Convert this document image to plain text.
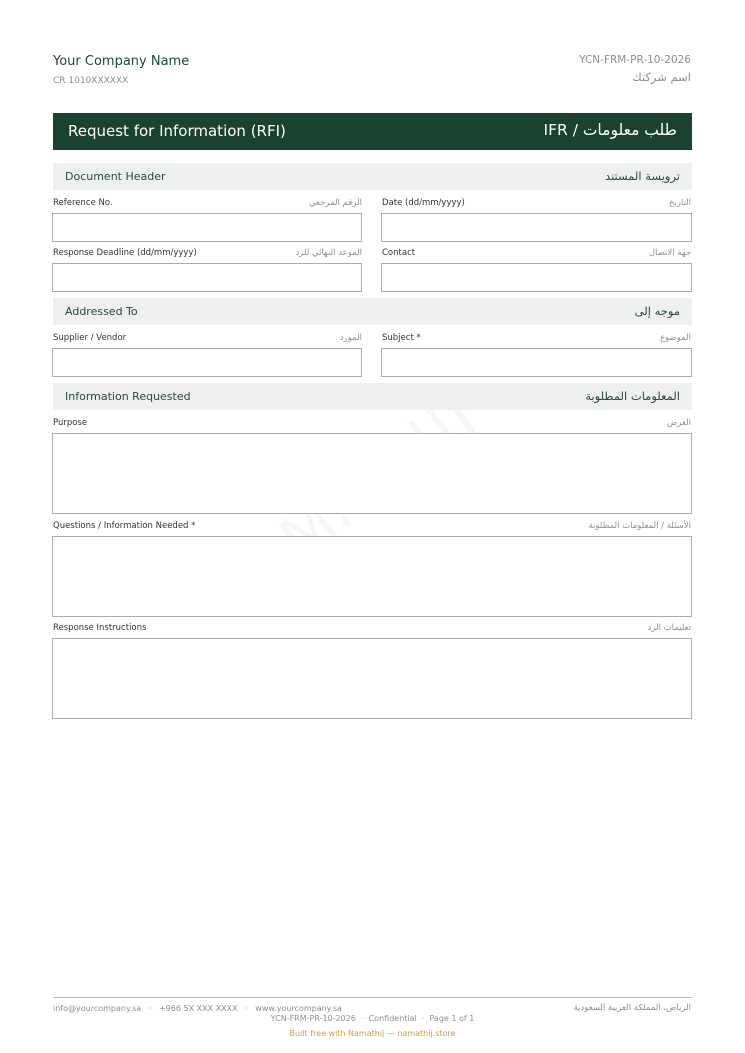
Your Company Name
CR 1010XXXXXX
YCN-FRM-PR-10-2026
اسم شركتك
Request for Information (RFI)	طلب معلومات / IFR
Document Header	ترويسة المستند
Reference No.	الرقم المرجعي Date (dd/mm/yyyy)	التاريخ
Response Deadline (dd/mm/yyyy)	الموعد النهائي للرد Contact	جهة الاتصال
Addressed To	موجه إلى
Supplier / Vendor	المورد Subject *	الموضوع
Information Requested	المعلومات المطلوبة
Purpose	الغرض
Questions / Information Needed *	الأسئلة / المعلومات المطلوبة
Response Instructions	تعليمات الرد
info@yourcompany.sa   ·   +966 5X XXX XXXX   ·   www.yourcompany.sa	الرياض، المملكة العربية السعودية
YCN-FRM-PR-10-2026  ·  Confidential  ·  Page 1 of 1
Built free with Namathij — namathij.store
